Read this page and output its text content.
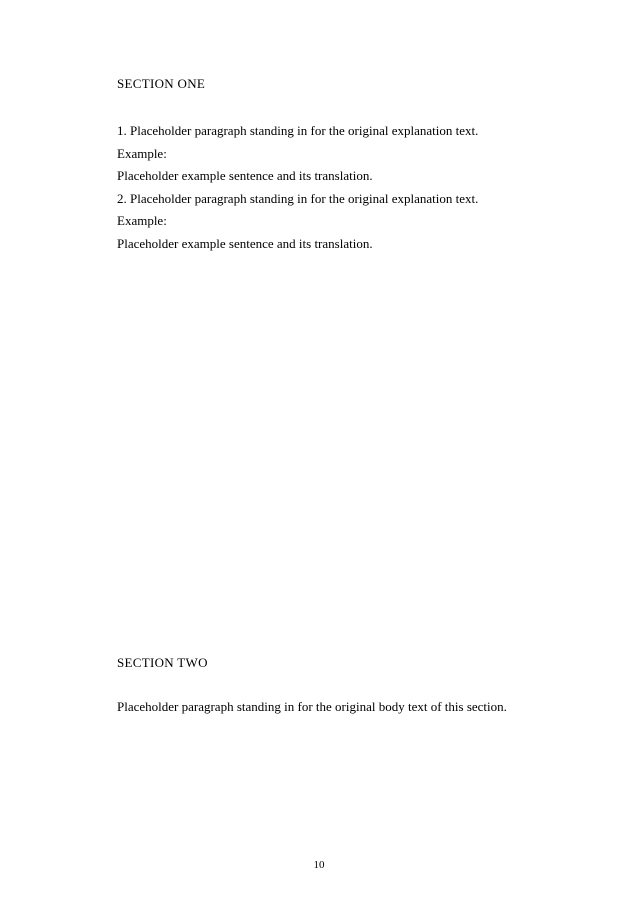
SECTION ONE
1. Placeholder paragraph standing in for the original explanation text.
Example:
Placeholder example sentence and its translation.
2. Placeholder paragraph standing in for the original explanation text.
Example:
Placeholder example sentence and its translation.
SECTION TWO
Placeholder paragraph standing in for the original body text of this section.
10
